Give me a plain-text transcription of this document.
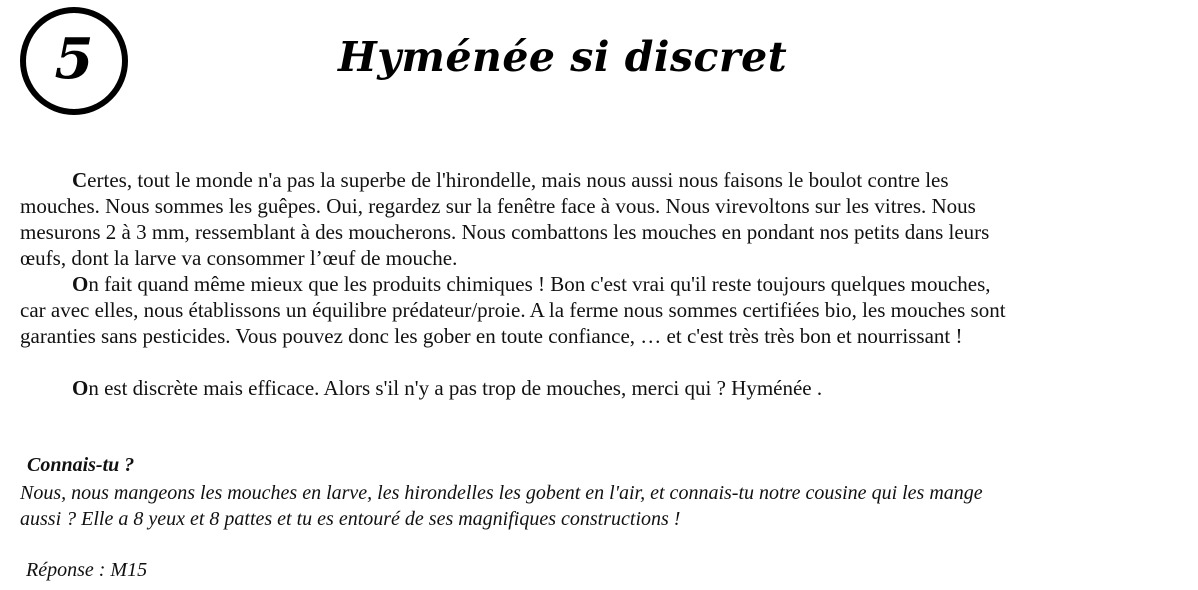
5	Hyménée si discret

Certes, tout le monde n'a pas la superbe de l'hirondelle, mais nous aussi nous faisons le boulot contre les mouches. Nous sommes les guêpes. Oui, regardez sur la fenêtre face à vous. Nous virevoltons sur les vitres. Nous mesurons 2 à 3 mm, ressemblant à des moucherons. Nous combattons les mouches en pondant nos petits dans leurs œufs, dont la larve va consommer l’œuf de mouche.

On fait quand même mieux que les produits chimiques ! Bon c'est vrai qu'il reste toujours quelques mouches, car avec elles, nous établissons un équilibre prédateur/proie. A la ferme nous sommes certifiées bio, les mouches sont garanties sans pesticides. Vous pouvez donc les gober en toute confiance, … et c'est très très bon et nourrissant !

On est discrète mais efficace. Alors s'il n'y a pas trop de mouches, merci qui ? Hyménée .

Connais-tu ?

Nous, nous mangeons les mouches en larve, les hirondelles les gobent en l'air, et connais-tu notre cousine qui les mange aussi ? Elle a 8 yeux et 8 pattes et tu es entouré de ses magnifiques constructions !

Réponse : M15
